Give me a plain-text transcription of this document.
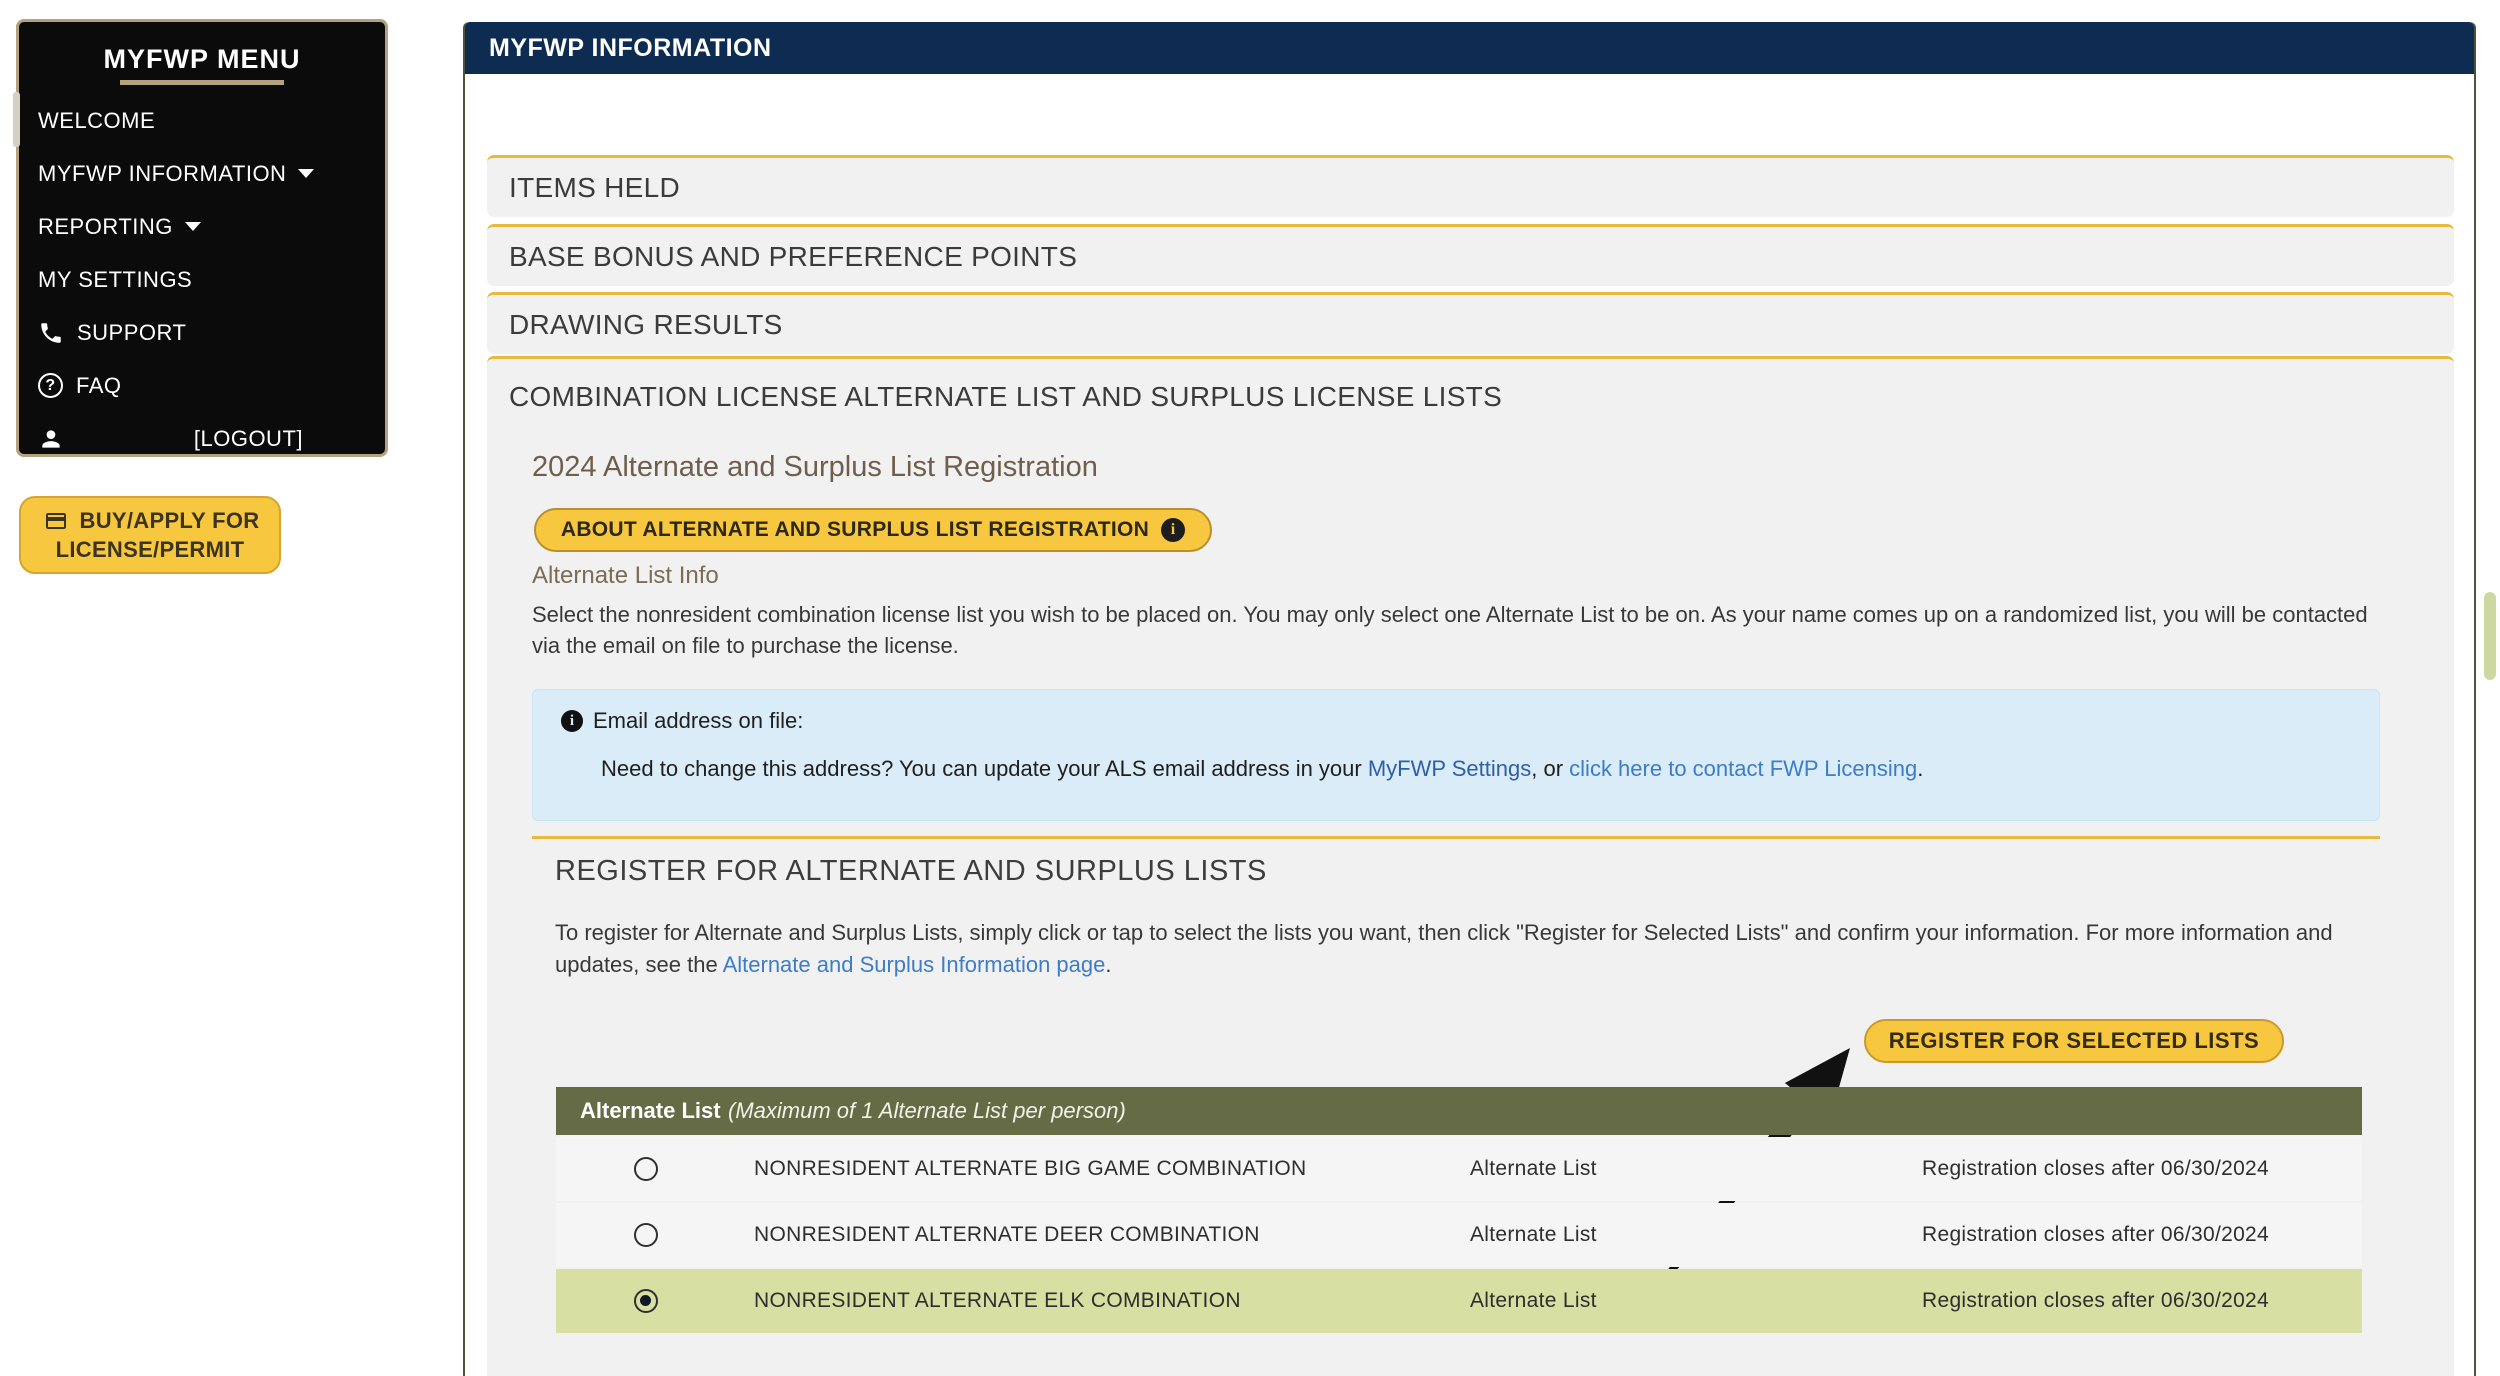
MYFWP MENU
WELCOME
MYFWP INFORMATION
REPORTING
MY SETTINGS
SUPPORT
? FAQ
[LOGOUT]
BUY/APPLY FOR
LICENSE/PERMIT
MYFWP INFORMATION
ITEMS HELD
BASE BONUS AND PREFERENCE POINTS
DRAWING RESULTS
COMBINATION LICENSE ALTERNATE LIST AND SURPLUS LICENSE LISTS
2024 Alternate and Surplus List Registration
ABOUT ALTERNATE AND SURPLUS LIST REGISTRATION	i
Alternate List Info
Select the nonresident combination license list you wish to be placed on. You may only select one Alternate List to be on. As your name comes up on a randomized list, you will be contacted via the email on file to purchase the license.
i Email address on file:
Need to change this address? You can update your ALS email address in your MyFWP Settings, or click here to contact FWP Licensing.
REGISTER FOR ALTERNATE AND SURPLUS LISTS
To register for Alternate and Surplus Lists, simply click or tap to select the lists you want, then click "Register for Selected Lists" and confirm your information. For more information and updates, see the Alternate and Surplus Information page.
REGISTER FOR SELECTED LISTS
Alternate List (Maximum of 1 Alternate List per person)
NONRESIDENT ALTERNATE BIG GAME COMBINATION	Alternate List	Registration closes after 06/30/2024
NONRESIDENT ALTERNATE DEER COMBINATION	Alternate List	Registration closes after 06/30/2024
NONRESIDENT ALTERNATE ELK COMBINATION	Alternate List	Registration closes after 06/30/2024
